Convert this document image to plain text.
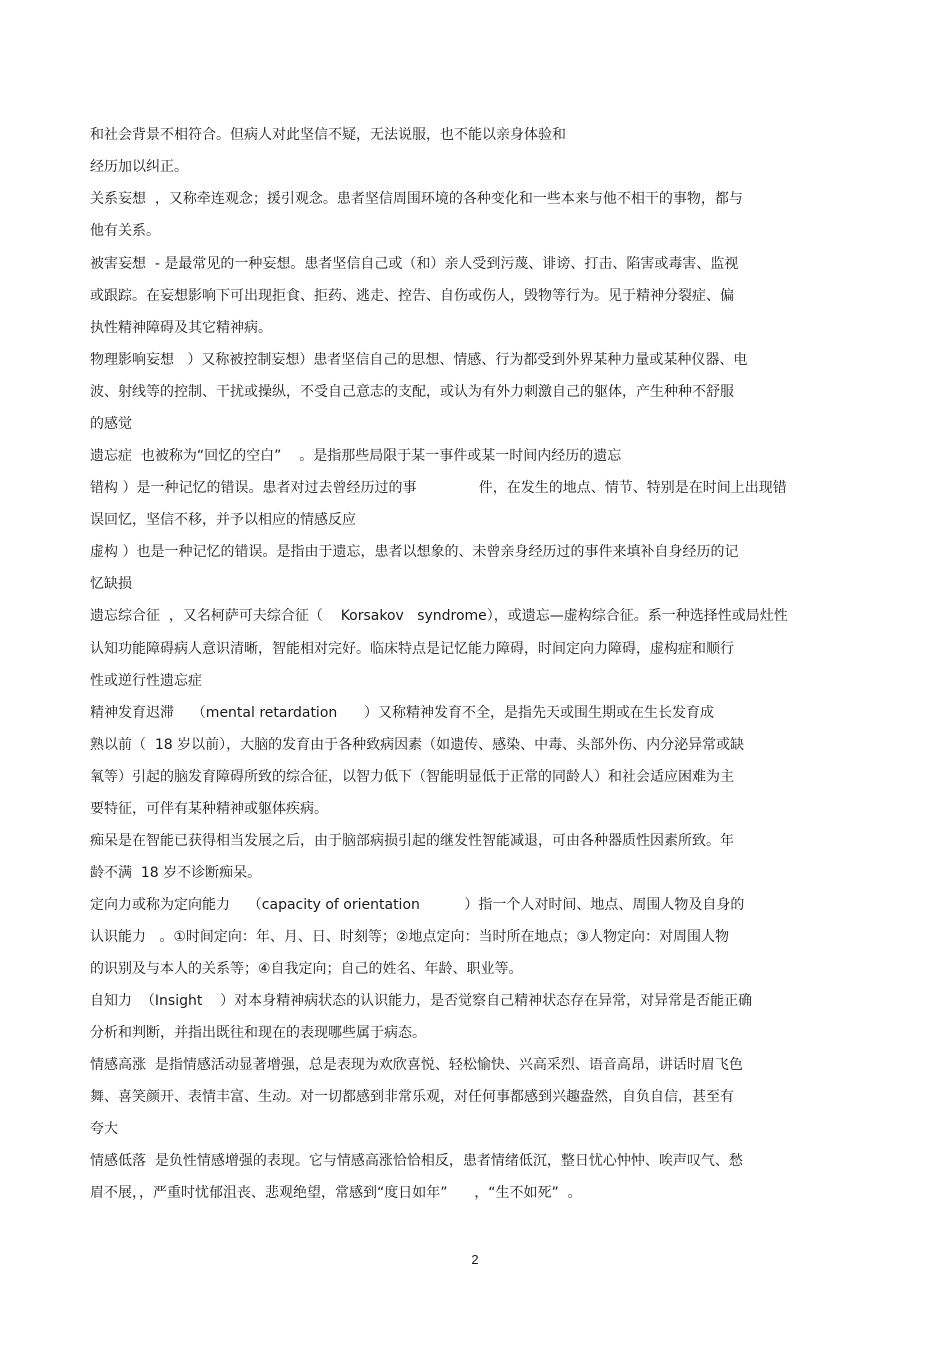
和社会背景不相符合。但病人对此坚信不疑，无法说服，也不能以亲身体验和
经历加以纠正。
关系妄想  ，又称牵连观念；援引观念。患者坚信周围环境的各种变化和一些本来与他不相干的事物，都与
他有关系。
被害妄想  - 是最常见的一种妄想。患者坚信自己或（和）亲人受到污蔑、诽谤、打击、陷害或毒害、监视
或跟踪。在妄想影响下可出现拒食、拒药、逃走、控告、自伤或伤人，毁物等行为。见于精神分裂症、偏
执性精神障碍及其它精神病。
物理影响妄想   ）又称被控制妄想）患者坚信自己的思想、情感、行为都受到外界某种力量或某种仪器、电
波、射线等的控制、干扰或操纵，不受自己意志的支配，或认为有外力刺激自己的躯体，产生种种不舒服
的感觉
遗忘症  也被称为“回忆的空白”    。是指那些局限于某一事件或某一时间内经历的遗忘
错构 ）是一种记忆的错误。患者对过去曾经历过的事              件，在发生的地点、情节、特别是在时间上出现错
误回忆，坚信不移，并予以相应的情感反应
虚构 ）也是一种记忆的错误。是指由于遗忘，患者以想象的、未曾亲身经历过的事件来填补自身经历的记
忆缺损
遗忘综合征  ，又名柯萨可夫综合征（    Korsakov   syndrome），或遗忘—虚构综合征。系一种选择性或局灶性
认知功能障碍病人意识清晰，智能相对完好。临床特点是记忆能力障碍，时间定向力障碍，虚构症和顺行
性或逆行性遗忘症
精神发育迟滞    （mental retardation      ）又称精神发育不全，是指先天或围生期或在生长发育成
熟以前（  18 岁以前），大脑的发育由于各种致病因素（如遗传、感染、中毒、头部外伤、内分泌异常或缺
氧等）引起的脑发育障碍所致的综合征，以智力低下（智能明显低于正常的同龄人）和社会适应困难为主
要特征，可伴有某种精神或躯体疾病。
痴呆是在智能已获得相当发展之后，由于脑部病损引起的继发性智能减退，可由各种器质性因素所致。年
龄不满  18 岁不诊断痴呆。
定向力或称为定向能力    （capacity of orientation          ）指一个人对时间、地点、周围人物及自身的
认识能力   。①时间定向：年、月、日、时刻等；②地点定向：当时所在地点；③人物定向：对周围人物
的识别及与本人的关系等；④自我定向；自己的姓名、年龄、职业等。
自知力  （Insight    ）对本身精神病状态的认识能力，是否觉察自己精神状态存在异常，对异常是否能正确
分析和判断，并指出既往和现在的表现哪些属于病态。
情感高涨  是指情感活动显著增强，总是表现为欢欣喜悦、轻松愉快、兴高采烈、语音高昂，讲话时眉飞色
舞、喜笑颜开、表情丰富、生动。对一切都感到非常乐观，对任何事都感到兴趣盎然，自负自信，甚至有
夸大
情感低落  是负性情感增强的表现。它与情感高涨恰恰相反，患者情绪低沉，整日忧心忡忡、唉声叹气、愁
眉不展，，严重时忧郁沮丧、悲观绝望，常感到“度日如年”      ，“生不如死”  。
2
